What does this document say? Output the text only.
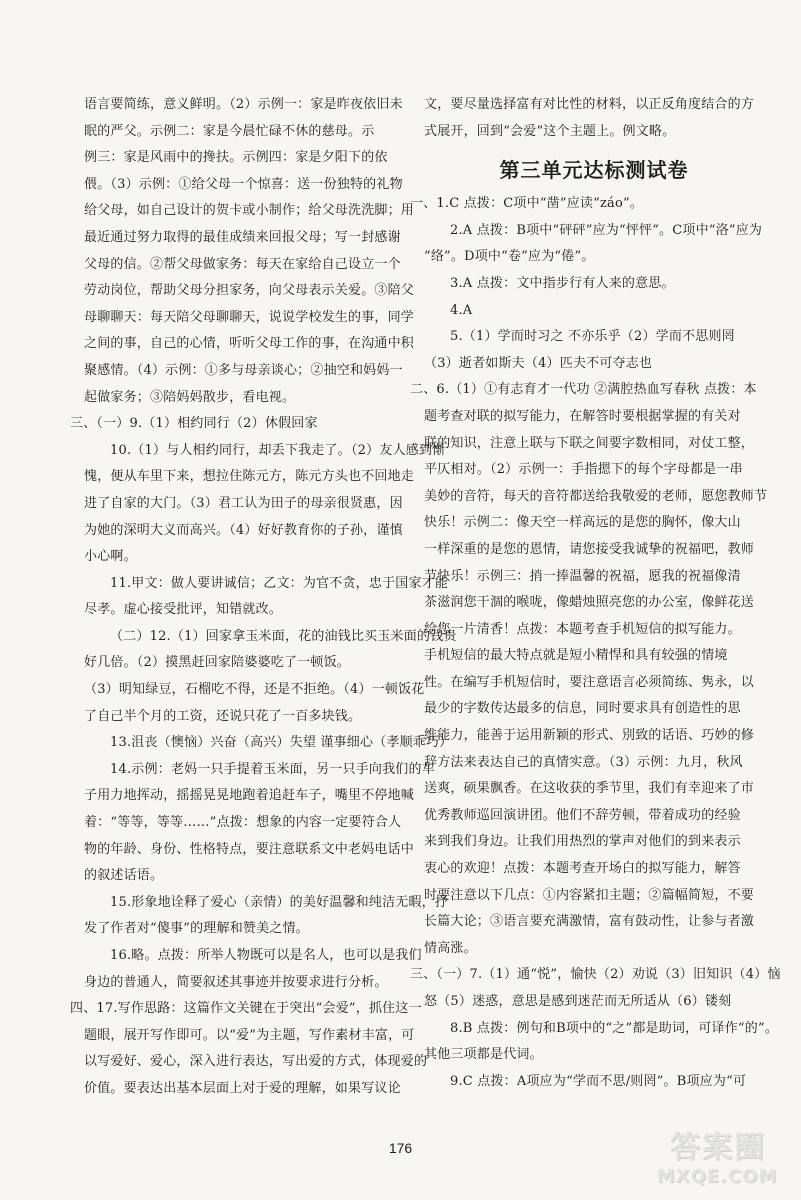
语言要简练，意义鲜明。（2）示例一：家是昨夜依旧未
眠的严父。示例二：家是今晨忙碌不休的慈母。示
例三：家是风雨中的搀扶。示例四：家是夕阳下的依
偎。（3）示例：①给父母一个惊喜：送一份独特的礼物
给父母，如自己设计的贺卡或小制作；给父母洗洗脚；用
最近通过努力取得的最佳成绩来回报父母；写一封感谢
父母的信。②帮父母做家务：每天在家给自己设立一个
劳动岗位，帮助父母分担家务，向父母表示关爱。③陪父
母聊聊天：每天陪父母聊聊天，说说学校发生的事，同学
之间的事，自己的心情，听听父母工作的事，在沟通中积
聚感情。（4）示例：①多与母亲谈心；②抽空和妈妈一
起做家务；③陪妈妈散步，看电视。
三、（一）9.（1）相约同行（2）休假回家
10.（1）与人相约同行，却丢下我走了。（2）友人感到惭
愧，便从车里下来，想拉住陈元方，陈元方头也不回地走
进了自家的大门。（3）君工认为田子的母亲很贤惠，因
为她的深明大义而高兴。（4）好好教育你的子孙，谨慎
小心啊。
11.甲文：做人要讲诚信；乙文：为官不贪，忠于国家才能
尽孝。虚心接受批评，知错就改。
（二）12.（1）回家拿玉米面，花的油钱比买玉米面的钱贵
好几倍。（2）摸黑赶回家陪婆婆吃了一顿饭。
（3）明知绿豆，石榴吃不得，还是不拒绝。（4）一顿饭花
了自己半个月的工资，还说只花了一百多块钱。
13.沮丧（懊恼）兴奋（高兴）失望 谨事细心（孝顺乖巧）
14.示例：老妈一只手提着玉米面，另一只手向我们的车
子用力地挥动，摇摇晃晃地跑着追赶车子，嘴里不停地喊
着：“等等，等等……”点拨：想象的内容一定要符合人
物的年龄、身份、性格特点，要注意联系文中老妈电话中
的叙述话语。
15.形象地诠释了爱心（亲情）的美好温馨和纯洁无暇，抒
发了作者对“傻事”的理解和赞美之情。
16.略。点拨：所举人物既可以是名人，也可以是我们
身边的普通人，简要叙述其事迹并按要求进行分析。
四、17.写作思路：这篇作文关键在于突出“会爱”，抓住这一
题眼，展开写作即可。以“爱”为主题，写作素材丰富，可
以写爱好、爱心，深入进行表达，写出爱的方式，体现爱的
价值。要表达出基本层面上对于爱的理解，如果写议论
文，要尽量选择富有对比性的材料，以正反角度结合的方
式展开，回到“会爱”这个主题上。例文略。
第三单元达标测试卷
一、1.C 点拨：C项中“凿”应读“záo”。
2.A 点拨：B项中“砰砰”应为“怦怦”。C项中“洛”应为
“络”。D项中“卷”应为“倦”。
3.A 点拨：文中指步行有人来的意思。
4.A
5.（1）学而时习之 不亦乐乎（2）学而不思则罔
（3）逝者如斯夫（4）匹夫不可夺志也
二、6.（1）①有志育才一代功 ②满腔热血写春秋 点拨：本
题考查对联的拟写能力，在解答时要根据掌握的有关对
联的知识，注意上联与下联之间要字数相同，对仗工整，
平仄相对。（2）示例一：手指摁下的每个字母都是一串
美妙的音符，每天的音符都送给我敬爱的老师，愿您教师节
快乐！示例二：像天空一样高远的是您的胸怀，像大山
一样深重的是您的恩情，请您接受我诚挚的祝福吧，教师
节快乐！示例三：捎一捧温馨的祝福，愿我的祝福像清
茶滋润您干涸的喉咙，像蜡烛照亮您的办公室，像鲜花送
给您一片清香！点拨：本题考查手机短信的拟写能力。
手机短信的最大特点就是短小精悍和具有较强的情境
性。在编写手机短信时，要注意语言必须简练、隽永，以
最少的字数传达最多的信息，同时要求具有创造性的思
维能力，能善于运用新颖的形式、別致的话语、巧妙的修
辞方法来表达自己的真情实意。（3）示例：九月，秋风
送爽，硕果飘香。在这收获的季节里，我们有幸迎来了市
优秀教师巡回演讲团。他们不辞劳顿，带着成功的经验
来到我们身边。让我们用热烈的掌声对他们的到来表示
衷心的欢迎！点拨：本题考查开场白的拟写能力，解答
时要注意以下几点：①内容紧扣主题；②篇幅简短，不要
长篇大论；③语言要充满激情，富有鼓动性，让参与者激
情高涨。
三、（一）7.（1）通“悦”，愉快（2）劝说（3）旧知识（4）恼
怒（5）迷惑，意思是感到迷茫而无所适从（6）镂刻
8.B 点拨：例句和B项中的“之”都是助词，可译作“的”。
其他三项都是代词。
9.C 点拨：A项应为“学而不思/则罔”。B项应为“可
176	答案圈
MXQE.COM
